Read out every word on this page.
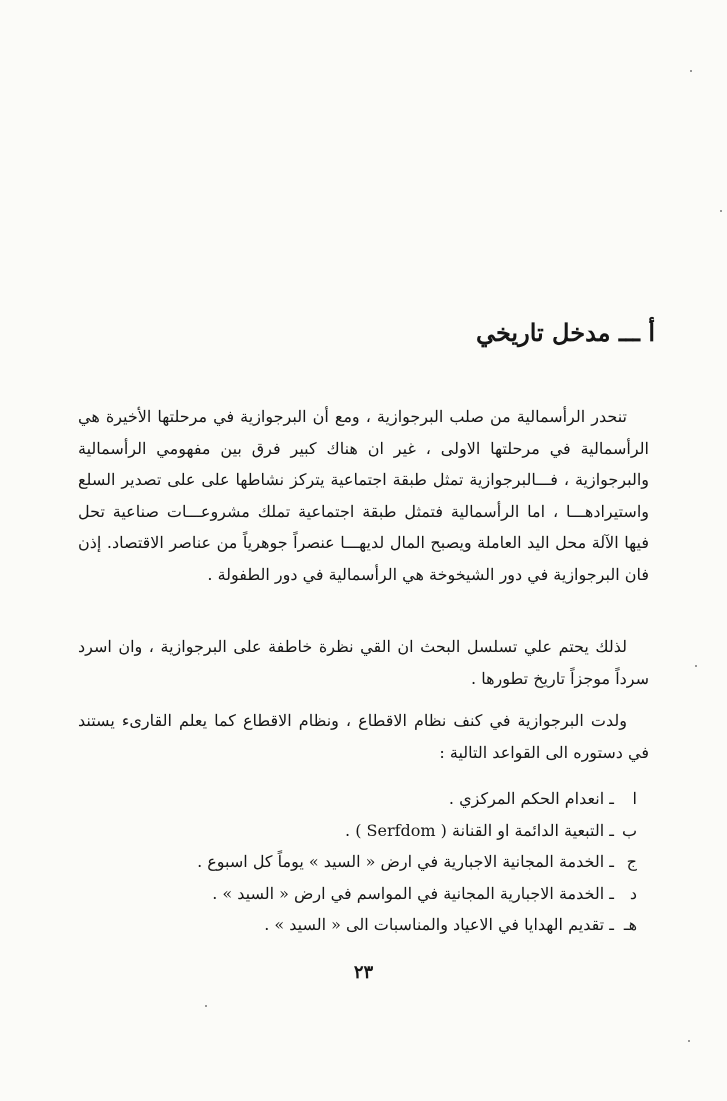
أ ـــ مدخل تاريخي

تنحدر الرأسمالية من صلب البرجوازية ، ومع أن البرجوازية في مرحلتها الأخيرة هي الرأسمالية في مرحلتها الاولى ، غير ان هناك كبير فرق بين مفهومي الرأسمالية والبرجوازية ، فـــالبرجوازية تمثل طبقة اجتماعية يتركز نشاطها على على تصدير السلع واستيرادهـــا ، اما الرأسمالية فتمثل طبقة اجتماعية تملك مشروعـــات صناعية تحل فيها الآلة محل اليد العاملة ويصبح المال لديهـــا عنصراً جوهرياً من عناصر الاقتصاد. إذن فان البرجوازية في دور الشيخوخة هي الرأسمالية في دور الطفولة .

لذلك يحتم علي تسلسل البحث ان القي نظرة خاطفة على البرجوازية ، وان اسرد سرداً موجزاً تاريخ تطورها .

ولدت البرجوازية في كنف نظام الاقطاع ، ونظام الاقطاع كما يعلم القارىء يستند في دستوره الى القواعد التالية :

ا ـ انعدام الحكم المركزي .
ب ـ التبعية الدائمة او القنانة ( Serfdom ) .
ج ـ الخدمة المجانية الاجبارية في ارض « السيد » يوماً كل اسبوع .
د ـ الخدمة الاجبارية المجانية في المواسم في ارض « السيد » .
هـ ـ تقديم الهدايا في الاعياد والمناسبات الى « السيد » .
٢٣
